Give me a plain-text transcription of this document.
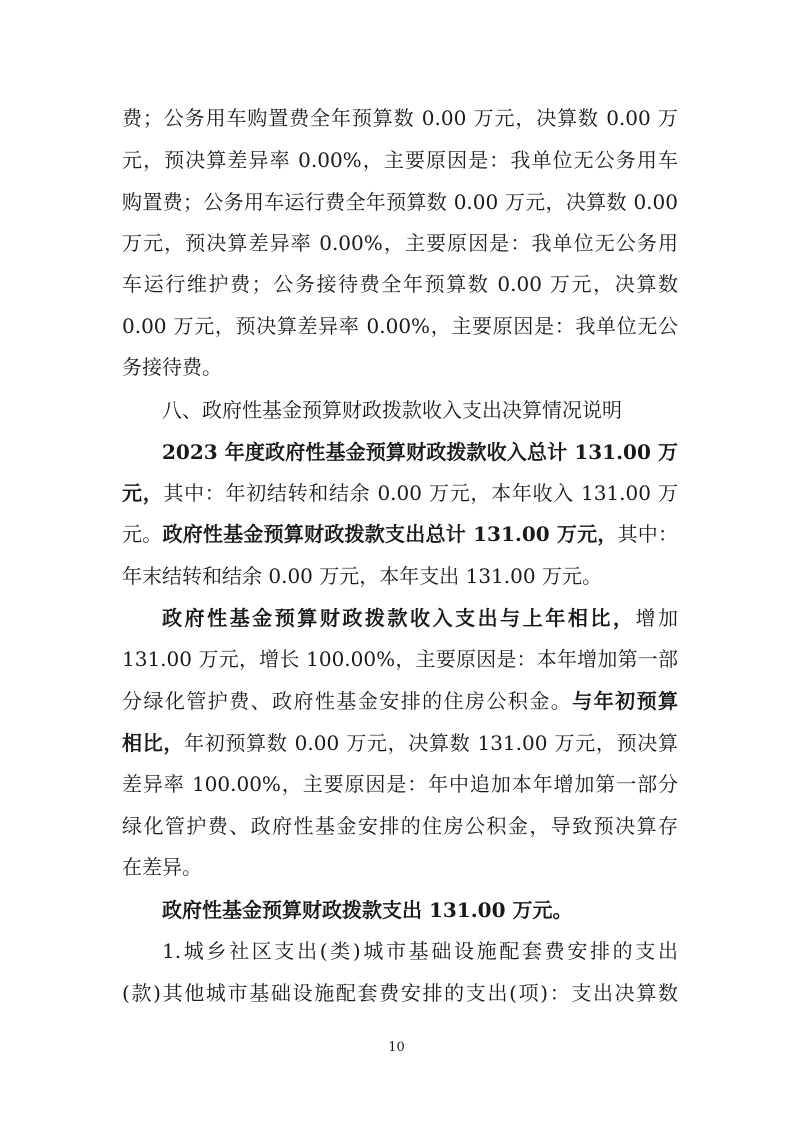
费；公务用车购置费全年预算数 0.00 万元，决算数 0.00 万
元，预决算差异率 0.00%，主要原因是：我单位无公务用车
购置费；公务用车运行费全年预算数 0.00 万元，决算数 0.00
万元，预决算差异率 0.00%，主要原因是：我单位无公务用
车运行维护费；公务接待费全年预算数 0.00 万元，决算数
0.00 万元，预决算差异率 0.00%，主要原因是：我单位无公
务接待费。
八、政府性基金预算财政拨款收入支出决算情况说明
2023 年度政府性基金预算财政拨款收入总计 131.00 万
元，其中：年初结转和结余 0.00 万元，本年收入 131.00 万
元。政府性基金预算财政拨款支出总计 131.00 万元，其中：
年末结转和结余 0.00 万元，本年支出 131.00 万元。
政府性基金预算财政拨款收入支出与上年相比，增加
131.00 万元，增长 100.00%，主要原因是：本年增加第一部
分绿化管护费、政府性基金安排的住房公积金。与年初预算
相比，年初预算数 0.00 万元，决算数 131.00 万元，预决算
差异率 100.00%，主要原因是：年中追加本年增加第一部分
绿化管护费、政府性基金安排的住房公积金，导致预决算存
在差异。
政府性基金预算财政拨款支出 131.00 万元。
1.城乡社区支出(类)城市基础设施配套费安排的支出
(款)其他城市基础设施配套费安排的支出(项)：支出决算数
10
